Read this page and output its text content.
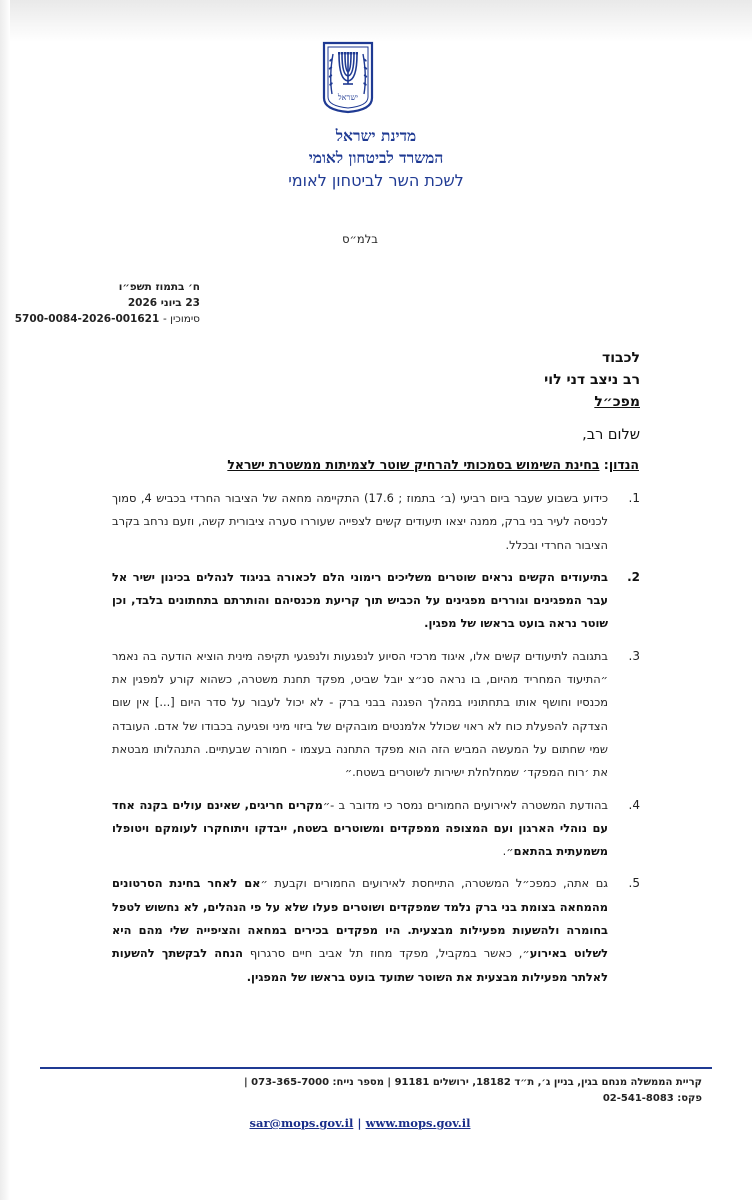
ישראל
מדינת ישראל
המשרד לביטחון לאומי
לשכת השר לביטחון לאומי
בלמ״ס
ח׳ בתמוז תשפ״ו
23 ביוני 2026
סימוכין - 5700-0084-2026-001621
לכבוד
רב ניצב דני לוי
מפכ״ל
שלום רב,
הנדון: בחינת השימוש בסמכותי להרחיק שוטר לצמיתות ממשטרת ישראל
1.
כידוע בשבוע שעבר ביום רביעי (ב׳ בתמוז ; 17.6) התקיימה מחאה של הציבור החרדי בכביש 4, סמוך לכניסה לעיר בני ברק, ממנה יצאו תיעודים קשים לצפייה שעוררו סערה ציבורית קשה, וזעם נרחב בקרב הציבור החרדי ובכלל.
2.
בתיעודים הקשים נראים שוטרים משליכים רימוני הלם לכאורה בניגוד לנהלים בכינון ישיר אל עבר המפגינים וגוררים מפגינים על הכביש תוך קריעת מכנסיהם והותרתם בתחתונים בלבד, וכן שוטר נראה בועט בראשו של מפגין.
3.
בתגובה לתיעודים קשים אלו, איגוד מרכזי הסיוע לנפגעות ולנפגעי תקיפה מינית הוציא הודעה בה נאמר ״התיעוד המחריד מהיום, בו נראה סנ״צ יובל שביט, מפקד תחנת משטרה, כשהוא קורע למפגין את מכנסיו וחושף אותו בתחתוניו במהלך הפגנה בבני ברק - לא יכול לעבור על סדר היום [...] אין שום הצדקה להפעלת כוח לא ראוי שכולל אלמנטים מובהקים של ביזוי מיני ופגיעה בכבודו של אדם. העובדה שמי שחתום על המעשה המביש הזה הוא מפקד התחנה בעצמו - חמורה שבעתיים. התנהלותו מבטאת את ׳רוח המפקד׳ שמחלחלת ישירות לשוטרים בשטח.״
4.
בהודעת המשטרה לאירועים החמורים נמסר כי מדובר ב -״מקרים חריגים, שאינם עולים בקנה אחד עם נוהלי הארגון ועם המצופה ממפקדים ומשוטרים בשטח, ייבדקו ויתוחקרו לעומקם ויטופלו משמעתית בהתאם״.
5.
גם אתה, כמפכ״ל המשטרה, התייחסת לאירועים החמורים וקבעת ״אם לאחר בחינת הסרטונים מהמחאה בצומת בני ברק נלמד שמפקדים ושוטרים פעלו שלא על פי הנהלים, לא נחשוש לטפל בחומרה ולהשעות מפעילות מבצעית. היו מפקדים בכירים במחאה והציפייה שלי מהם היא לשלוט באירוע״, כאשר במקביל, מפקד מחוז תל אביב חיים סרגרוף הנחה לבקשתך להשעות לאלתר מפעילות מבצעית את השוטר שתועד בועט בראשו של המפגין.
קריית הממשלה מנחם בגין, בניין ג׳, ת״ד 18182, ירושלים 91181 | מספר נייח: 073-365-7000 |
פקס: 02-541-8083
sar@mops.gov.il | www.mops.gov.il
